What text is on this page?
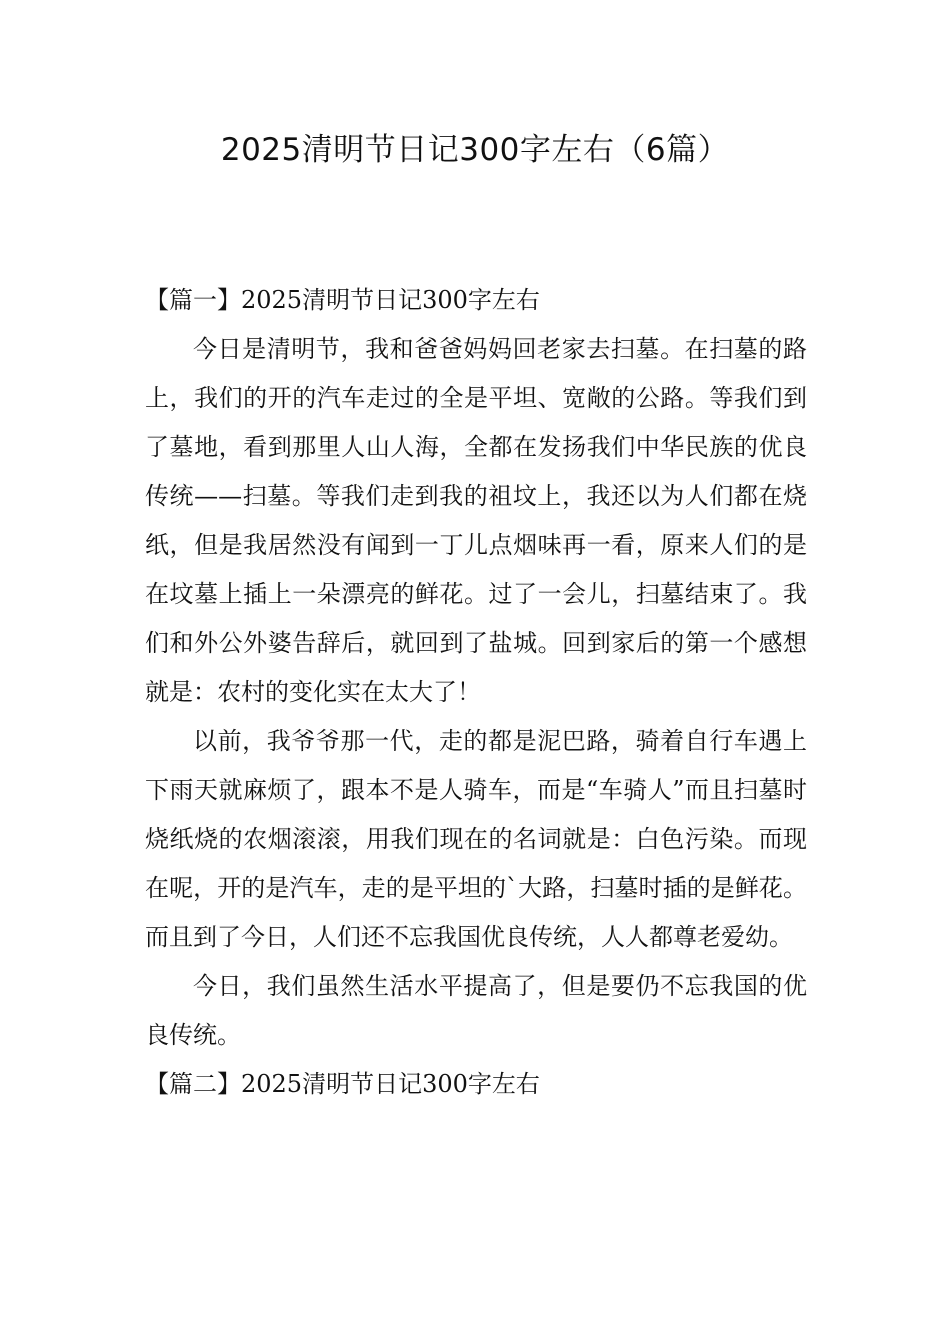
2025清明节日记300字左右（6篇）
【篇一】2025清明节日记300字左右

今日是清明节，我和爸爸妈妈回老家去扫墓。在扫墓的路上，我们的开的汽车走过的全是平坦、宽敞的公路。等我们到了墓地，看到那里人山人海，全都在发扬我们中华民族的优良传统——扫墓。等我们走到我的祖坟上，我还以为人们都在烧纸，但是我居然没有闻到一丁儿点烟味再一看，原来人们的是在坟墓上插上一朵漂亮的鲜花。过了一会儿，扫墓结束了。我们和外公外婆告辞后，就回到了盐城。回到家后的第一个感想就是：农村的变化实在太大了！

以前，我爷爷那一代，走的都是泥巴路，骑着自行车遇上下雨天就麻烦了，跟本不是人骑车，而是“车骑人”而且扫墓时烧纸烧的农烟滚滚，用我们现在的名词就是：白色污染。而现在呢，开的是汽车，走的是平坦的`大路，扫墓时插的是鲜花。而且到了今日，人们还不忘我国优良传统，人人都尊老爱幼。

今日，我们虽然生活水平提高了，但是要仍不忘我国的优良传统。

【篇二】2025清明节日记300字左右
